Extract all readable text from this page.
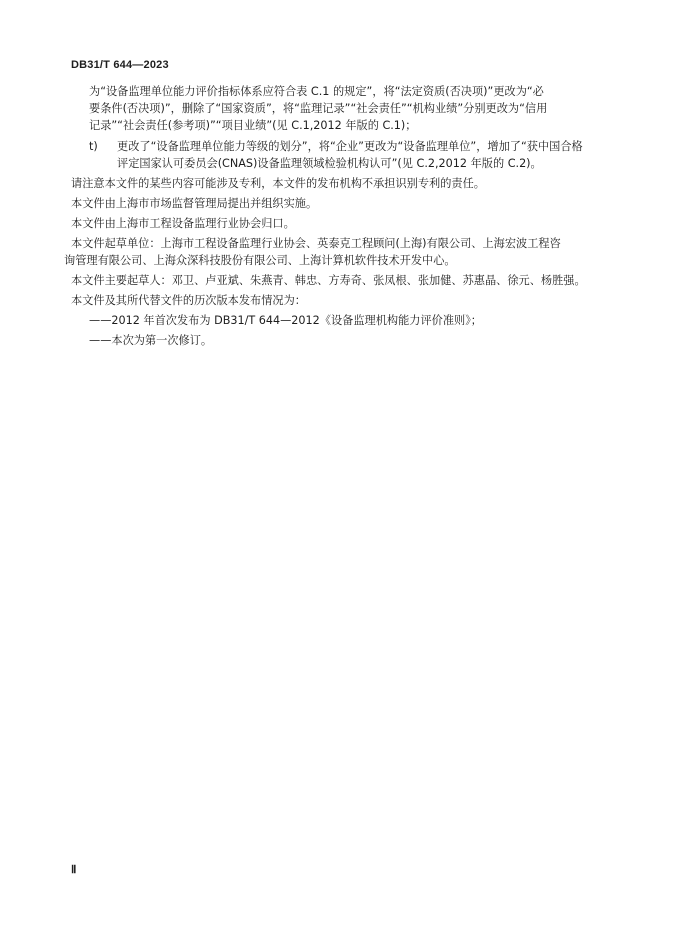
DB31/T 644—2023
为“设备监理单位能力评价指标体系应符合表 C.1 的规定”，将“法定资质(否决项)”更改为“必
要条件(否决项)”，删除了“国家资质”，将“监理记录”“社会责任”“机构业绩”分别更改为“信用
记录”“社会责任(参考项)”“项目业绩”(见 C.1,2012 年版的 C.1)；
t) 更改了“设备监理单位能力等级的划分”，将“企业”更改为“设备监理单位”，增加了“获中国合格
评定国家认可委员会(CNAS)设备监理领域检验机构认可”(见 C.2,2012 年版的 C.2)。
请注意本文件的某些内容可能涉及专利，本文件的发布机构不承担识别专利的责任。
本文件由上海市市场监督管理局提出并组织实施。
本文件由上海市工程设备监理行业协会归口。
本文件起草单位：上海市工程设备监理行业协会、英泰克工程顾问(上海)有限公司、上海宏波工程咨
询管理有限公司、上海众深科技股份有限公司、上海计算机软件技术开发中心。
本文件主要起草人：邓卫、卢亚斌、朱燕青、韩忠、方寿奇、张凤根、张加健、苏惠晶、徐元、杨胜强。
本文件及其所代替文件的历次版本发布情况为：
——2012 年首次发布为 DB31/T 644—2012《设备监理机构能力评价准则》；
——本次为第一次修订。
Ⅱ
